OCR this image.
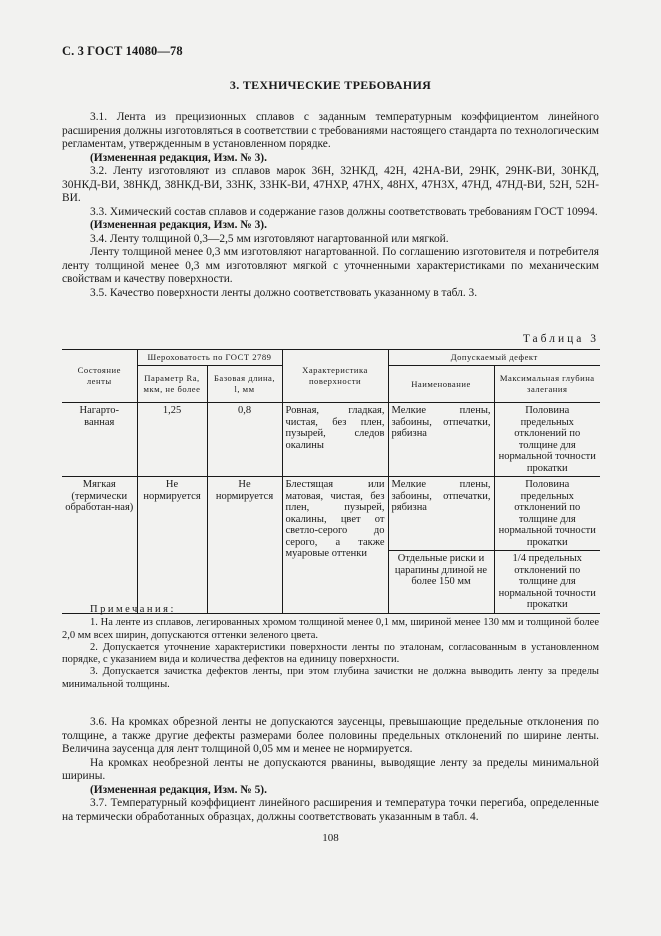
С. 3 ГОСТ 14080—78
3. ТЕХНИЧЕСКИЕ ТРЕБОВАНИЯ

3.1. Лента из прецизионных сплавов с заданным температурным коэффициентом линейного расширения должны изготовляться в соответствии с требованиями настоящего стандарта по технологическим регламентам, утвержденным в установленном порядке.

(Измененная редакция, Изм. № 3).

3.2. Ленту изготовляют из сплавов марок 36Н, 32НКД, 42Н, 42НА-ВИ, 29НК, 29НК-ВИ, 30НКД, 30НКД-ВИ, 38НКД, 38НКД-ВИ, 33НК, 33НК-ВИ, 47НХР, 47НХ, 48НХ, 47Н3Х, 47НД, 47НД-ВИ, 52Н, 52Н-ВИ.

3.3. Химический состав сплавов и содержание газов должны соответствовать требованиям ГОСТ 10994.

(Измененная редакция, Изм. № 3).

3.4. Ленту толщиной 0,3—2,5 мм изготовляют нагартованной или мягкой.

Ленту толщиной менее 0,3 мм изготовляют нагартованной. По соглашению изготовителя и потребителя ленту толщиной менее 0,3 мм изготовляют мягкой с уточненными характеристиками по механическим свойствам и качеству поверхности.

3.5. Качество поверхности ленты должно соответствовать указанному в табл. 3.

Таблица 3
Состояние ленты	Шероховатость по ГОСТ 2789		Характеристика поверхности	Допускаемый дефект	
	Параметр Ra, мкм, не более	Базовая длина, l, мм		Наименование	Максимальная глубина залегания
Нагарто-ванная	1,25	0,8	Ровная, гладкая, чистая, без плен, пузырей, следов окалины	Мелкие плены, забоины, отпечатки, рябизна	Половина предельных отклонений по толщине для нормальной точности прокатки
Мягкая (термически обработан-ная)	Не нормируется	Не нормируется	Блестящая или матовая, чистая, без плен, пузырей, окалины, цвет от светло-серого до серого, а также муаровые оттенки	Мелкие плены, забоины, отпечатки, рябизна	Половина предельных отклонений по толщине для нормальной точности прокатки
				Отдельные риски и царапины длиной не более 150 мм	1/4 предельных отклонений по толщине для нормальной точности прокатки

Примечания:

1. На ленте из сплавов, легированных хромом толщиной менее 0,1 мм, шириной менее 130 мм и толщиной более 2,0 мм всех ширин, допускаются оттенки зеленого цвета.

2. Допускается уточнение характеристики поверхности ленты по эталонам, согласованным в установленном порядке, с указанием вида и количества дефектов на единицу поверхности.

3. Допускается зачистка дефектов ленты, при этом глубина зачистки не должна выводить ленту за пределы минимальной толщины.

3.6. На кромках обрезной ленты не допускаются заусенцы, превышающие предельные отклонения по толщине, а также другие дефекты размерами более половины предельных отклонений по ширине ленты. Величина заусенца для лент толщиной 0,05 мм и менее не нормируется.

На кромках необрезной ленты не допускаются рванины, выводящие ленту за пределы минимальной ширины.

(Измененная редакция, Изм. № 5).

3.7. Температурный коэффициент линейного расширения и температура точки перегиба, определенные на термически обработанных образцах, должны соответствовать указанным в табл. 4.

108
